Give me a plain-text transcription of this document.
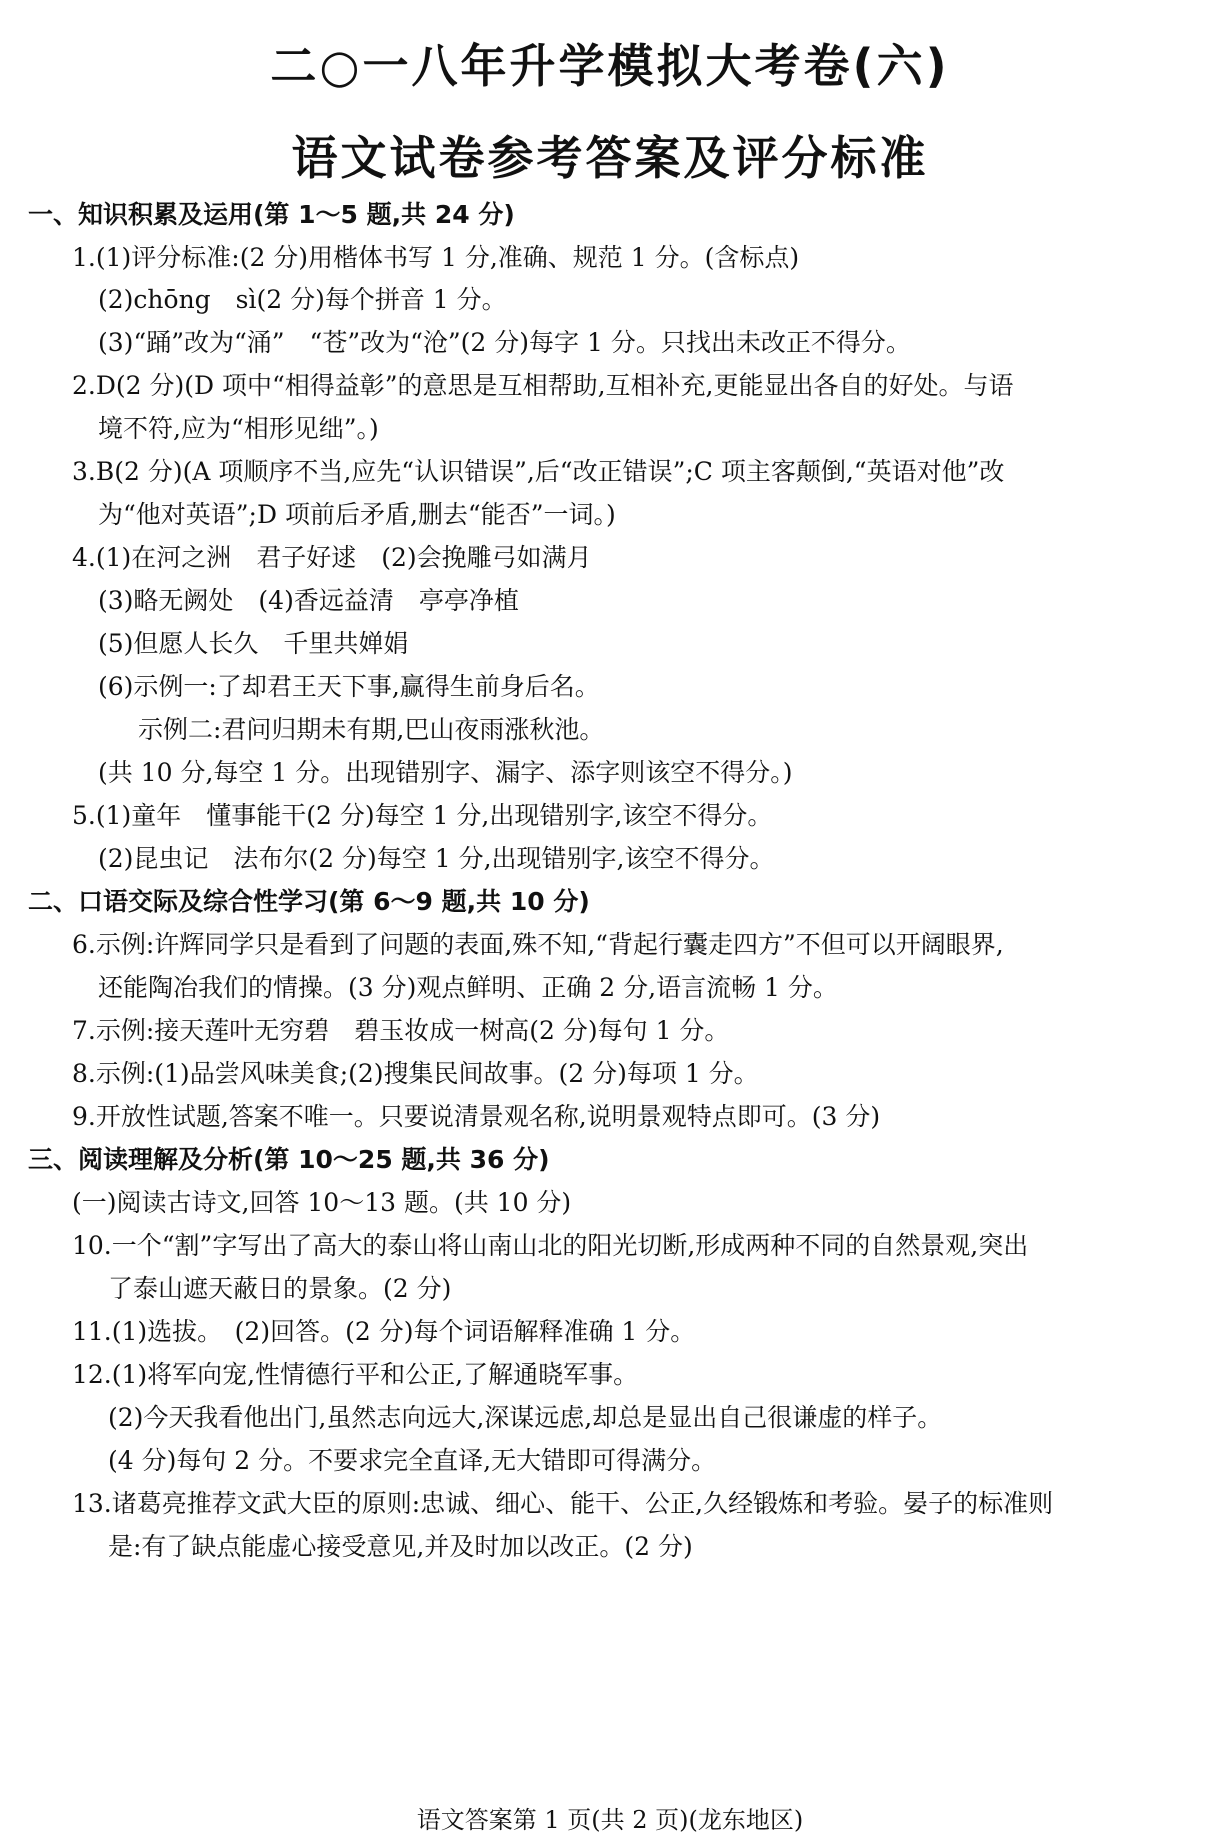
二○一八年升学模拟大考卷(六)
语文试卷参考答案及评分标准
一、知识积累及运用(第 1～5 题,共 24 分)
1.(1)评分标准:(2 分)用楷体书写 1 分,准确、规范 1 分。(含标点)
(2)chōng　sì(2 分)每个拼音 1 分。
(3)“踊”改为“涌”　“苍”改为“沧”(2 分)每字 1 分。只找出未改正不得分。
2.D(2 分)(D 项中“相得益彰”的意思是互相帮助,互相补充,更能显出各自的好处。与语
境不符,应为“相形见绌”。)
3.B(2 分)(A 项顺序不当,应先“认识错误”,后“改正错误”;C 项主客颠倒,“英语对他”改
为“他对英语”;D 项前后矛盾,删去“能否”一词。)
4.(1)在河之洲　君子好逑　(2)会挽雕弓如满月
(3)略无阙处　(4)香远益清　亭亭净植
(5)但愿人长久　千里共婵娟
(6)示例一:了却君王天下事,赢得生前身后名。
示例二:君问归期未有期,巴山夜雨涨秋池。
(共 10 分,每空 1 分。出现错别字、漏字、添字则该空不得分。)
5.(1)童年　懂事能干(2 分)每空 1 分,出现错别字,该空不得分。
(2)昆虫记　法布尔(2 分)每空 1 分,出现错别字,该空不得分。
二、口语交际及综合性学习(第 6～9 题,共 10 分)
6.示例:许辉同学只是看到了问题的表面,殊不知,“背起行囊走四方”不但可以开阔眼界,
还能陶冶我们的情操。(3 分)观点鲜明、正确 2 分,语言流畅 1 分。
7.示例:接天莲叶无穷碧　碧玉妆成一树高(2 分)每句 1 分。
8.示例:(1)品尝风味美食;(2)搜集民间故事。(2 分)每项 1 分。
9.开放性试题,答案不唯一。只要说清景观名称,说明景观特点即可。(3 分)
三、阅读理解及分析(第 10～25 题,共 36 分)
(一)阅读古诗文,回答 10～13 题。(共 10 分)
10.一个“割”字写出了高大的泰山将山南山北的阳光切断,形成两种不同的自然景观,突出
了泰山遮天蔽日的景象。(2 分)
11.(1)选拔。　(2)回答。(2 分)每个词语解释准确 1 分。
12.(1)将军向宠,性情德行平和公正,了解通晓军事。
(2)今天我看他出门,虽然志向远大,深谋远虑,却总是显出自己很谦虚的样子。
(4 分)每句 2 分。不要求完全直译,无大错即可得满分。
13.诸葛亮推荐文武大臣的原则:忠诚、细心、能干、公正,久经锻炼和考验。晏子的标准则
是:有了缺点能虚心接受意见,并及时加以改正。(2 分)
语文答案第 1 页(共 2 页)(龙东地区)
